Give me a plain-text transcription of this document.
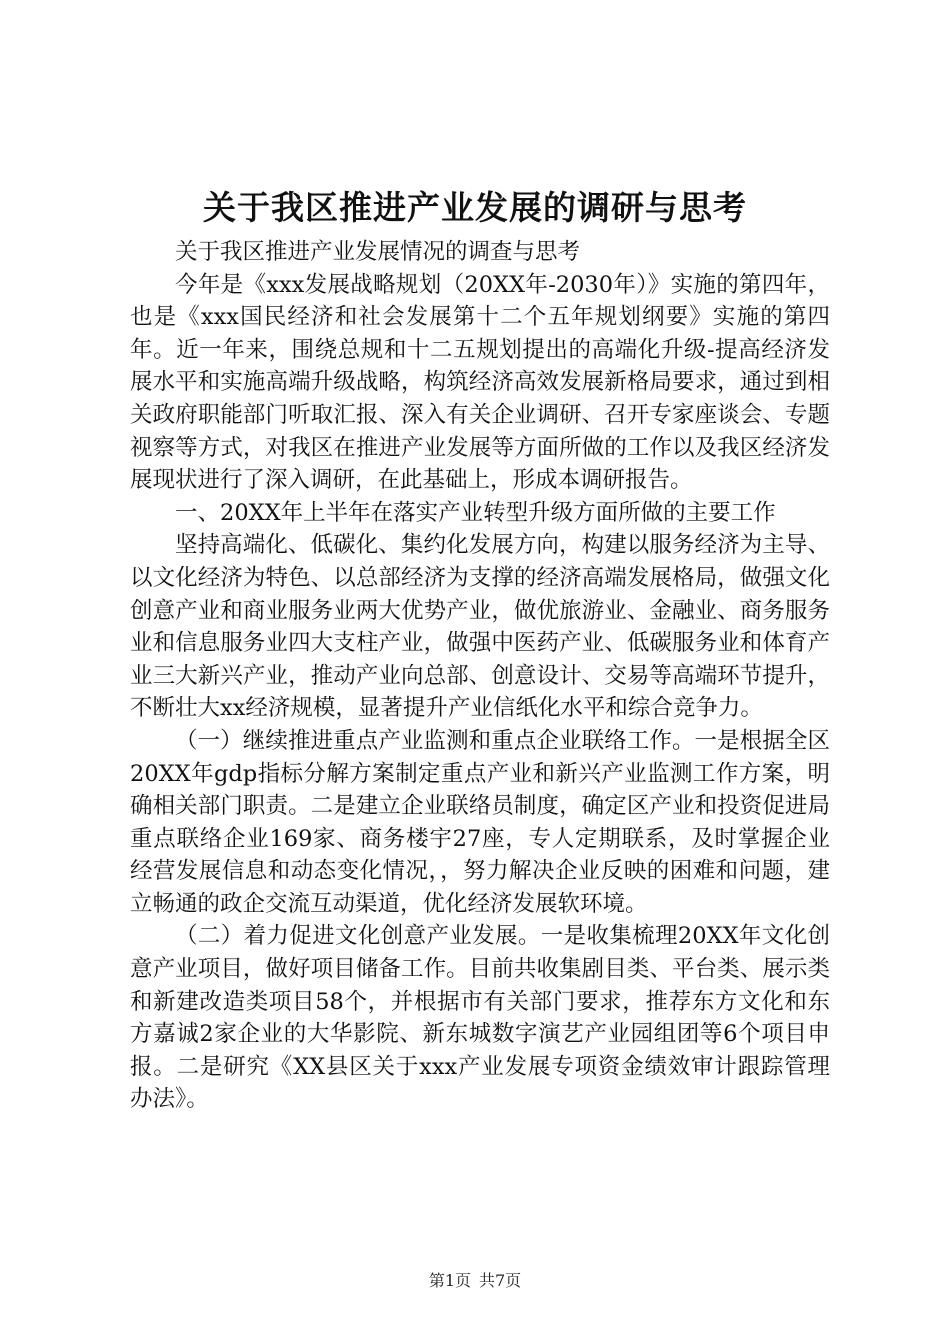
关于我区推进产业发展的调研与思考

关于我区推进产业发展情况的调查与思考

今年是《xxx发展战略规划（20XX年-2030年）》实施的第四年，也是《xxx国民经济和社会发展第十二个五年规划纲要》实施的第四年。近一年来，围绕总规和十二五规划提出的高端化升级-提高经济发展水平和实施高端升级战略，构筑经济高效发展新格局要求，通过到相关政府职能部门听取汇报、深入有关企业调研、召开专家座谈会、专题视察等方式，对我区在推进产业发展等方面所做的工作以及我区经济发展现状进行了深入调研，在此基础上，形成本调研报告。

一、20XX年上半年在落实产业转型升级方面所做的主要工作

坚持高端化、低碳化、集约化发展方向，构建以服务经济为主导、以文化经济为特色、以总部经济为支撑的经济高端发展格局，做强文化创意产业和商业服务业两大优势产业，做优旅游业、金融业、商务服务业和信息服务业四大支柱产业，做强中医药产业、低碳服务业和体育产业三大新兴产业，推动产业向总部、创意设计、交易等高端环节提升，不断壮大xx经济规模，显著提升产业信纸化水平和综合竞争力。

（一）继续推进重点产业监测和重点企业联络工作。一是根据全区20XX年gdp指标分解方案制定重点产业和新兴产业监测工作方案，明确相关部门职责。二是建立企业联络员制度，确定区产业和投资促进局重点联络企业169家、商务楼宇27座，专人定期联系，及时掌握企业经营发展信息和动态变化情况，，努力解决企业反映的困难和问题，建立畅通的政企交流互动渠道，优化经济发展软环境。

（二）着力促进文化创意产业发展。一是收集梳理20XX年文化创意产业项目，做好项目储备工作。目前共收集剧目类、平台类、展示类和新建改造类项目58个，并根据市有关部门要求，推荐东方文化和东方嘉诚2家企业的大华影院、新东城数字演艺产业园组团等6个项目申报。二是研究《XX县区关于xxx产业发展专项资金绩效审计跟踪管理办法》。

第1页 共7页
